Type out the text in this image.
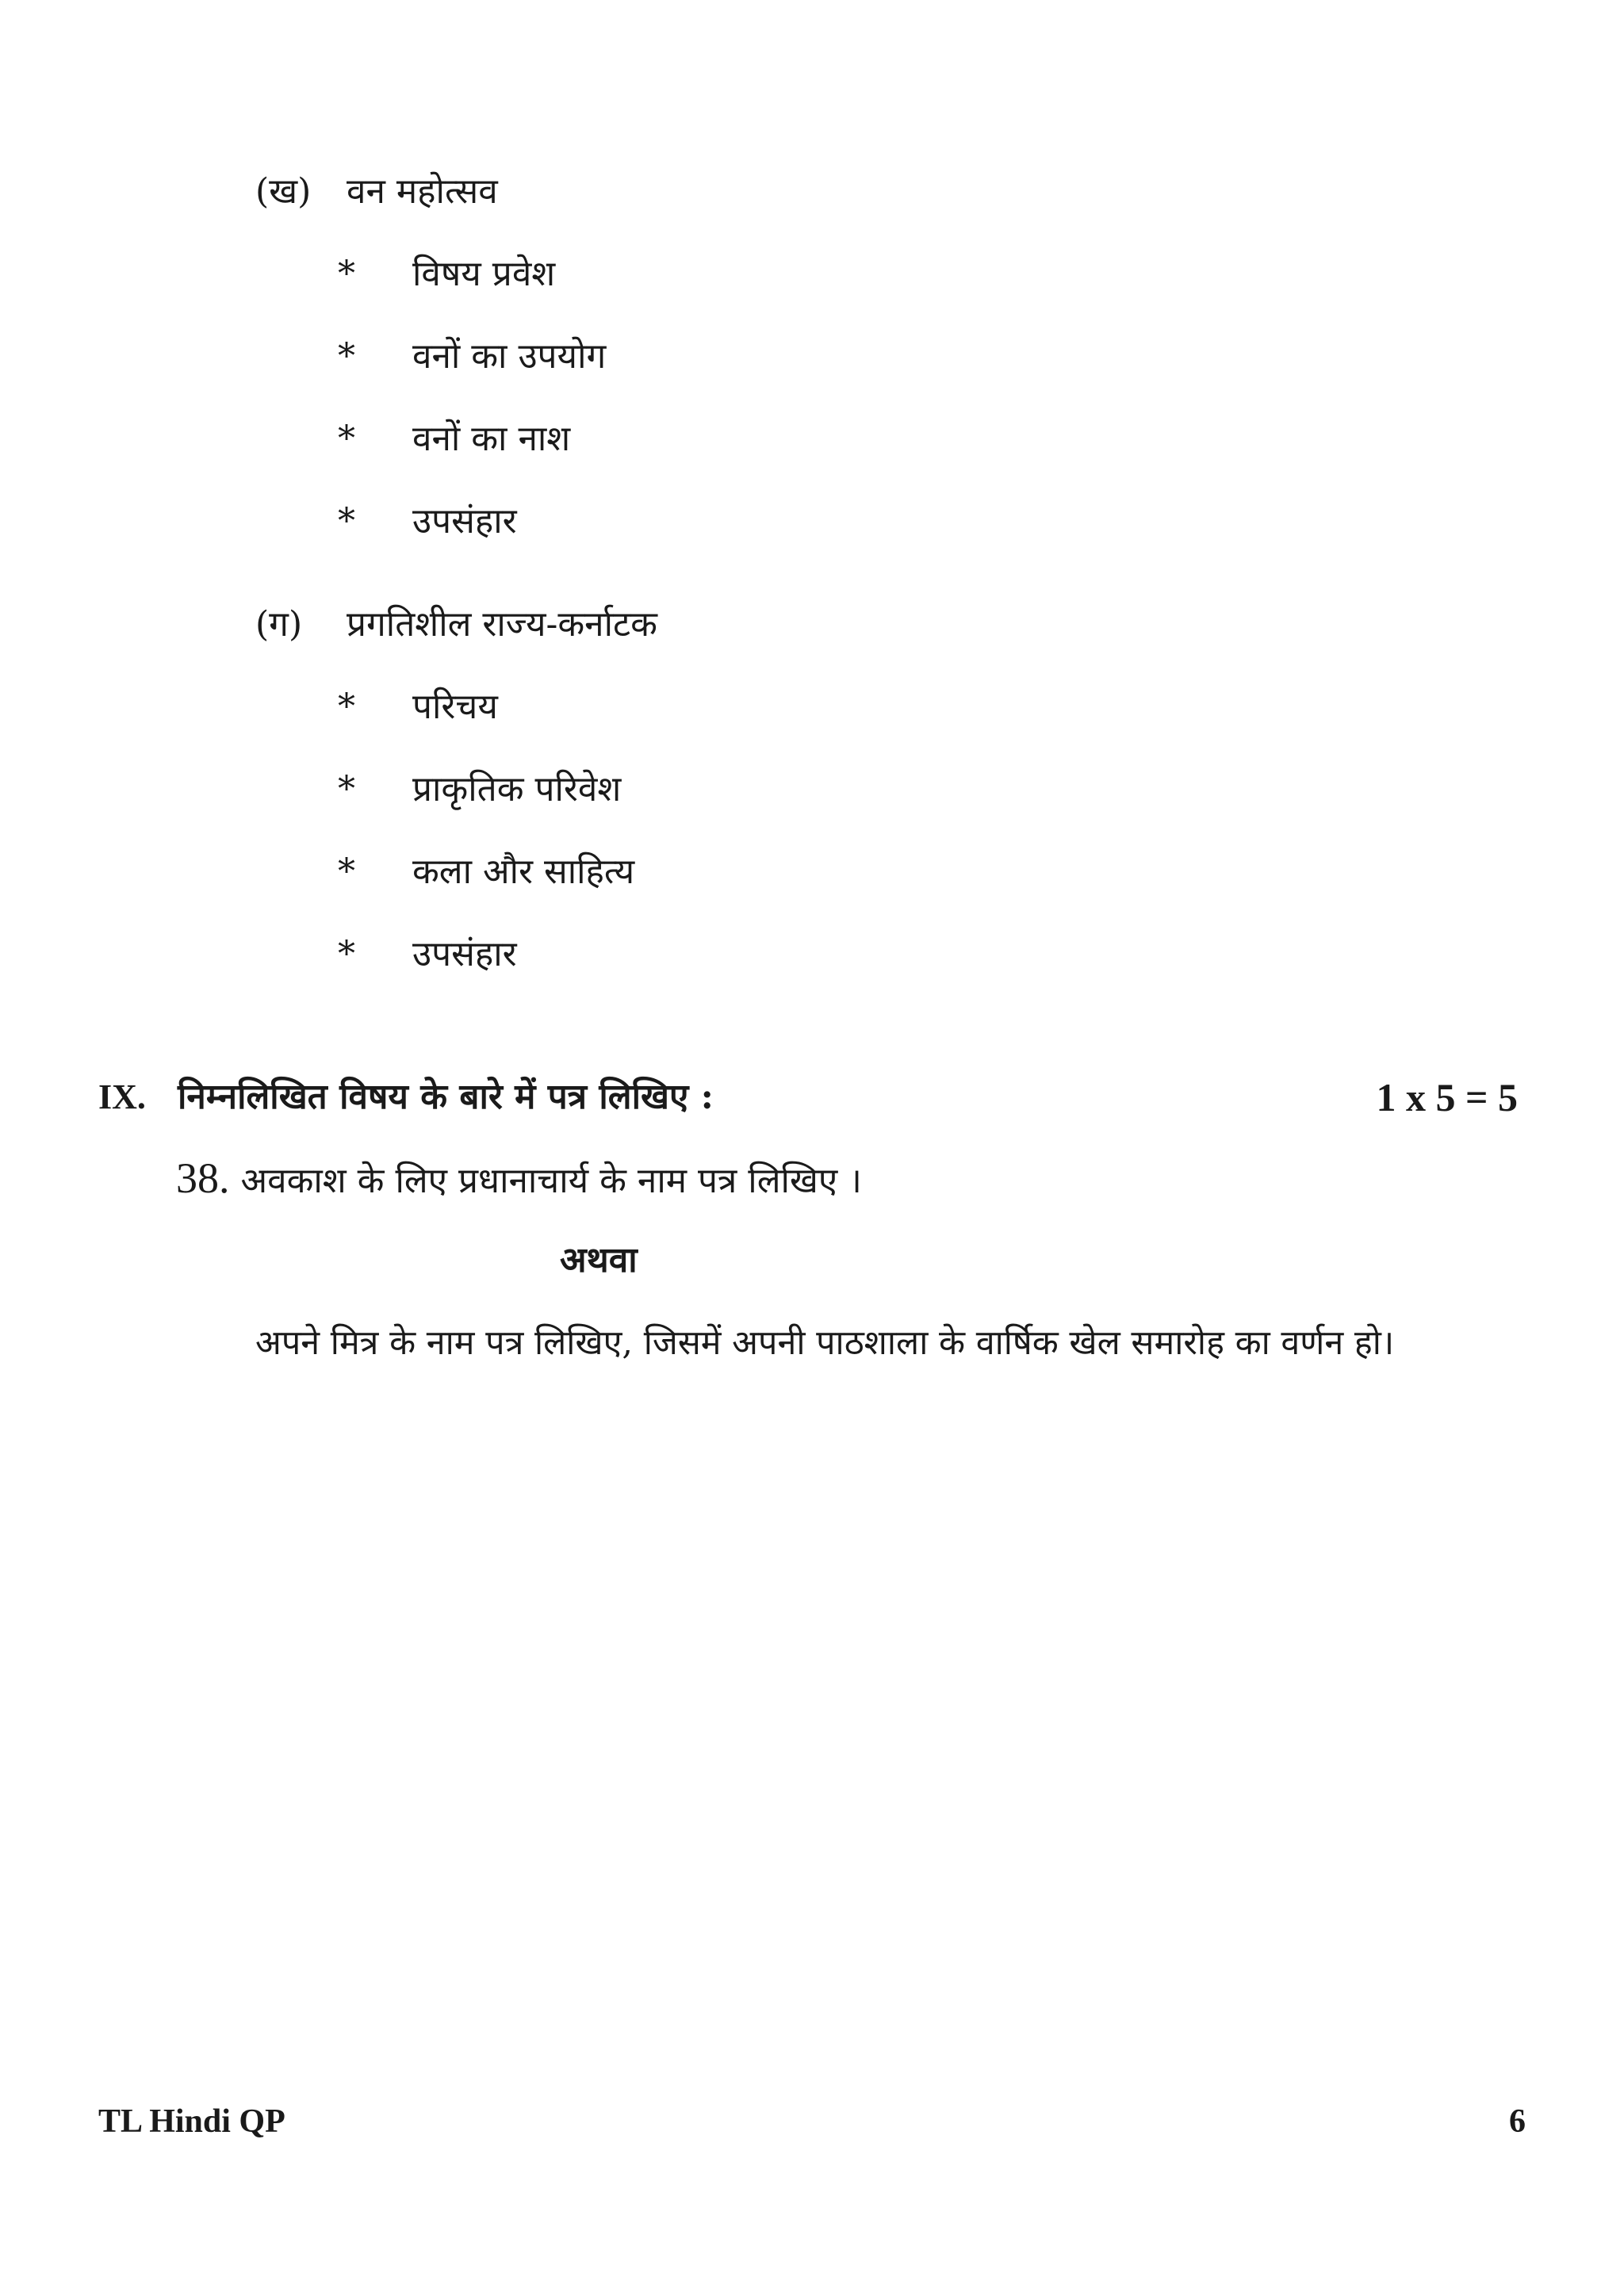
(ख) वन महोत्सव
* विषय प्रवेश
* वनों का उपयोग
* वनों का नाश
* उपसंहार
(ग) प्रगतिशील राज्य-कर्नाटक
* परिचय
* प्राकृतिक परिवेश
* कला और साहित्य
* उपसंहार
IX. निम्नलिखित विषय के बारे में पत्र लिखिए :	1 x 5 = 5
38. अवकाश के लिए प्रधानाचार्य के नाम पत्र लिखिए ।
अथवा
अपने मित्र के नाम पत्र लिखिए, जिसमें अपनी पाठशाला के वार्षिक खेल समारोह का वर्णन हो।
TL Hindi QP	6
